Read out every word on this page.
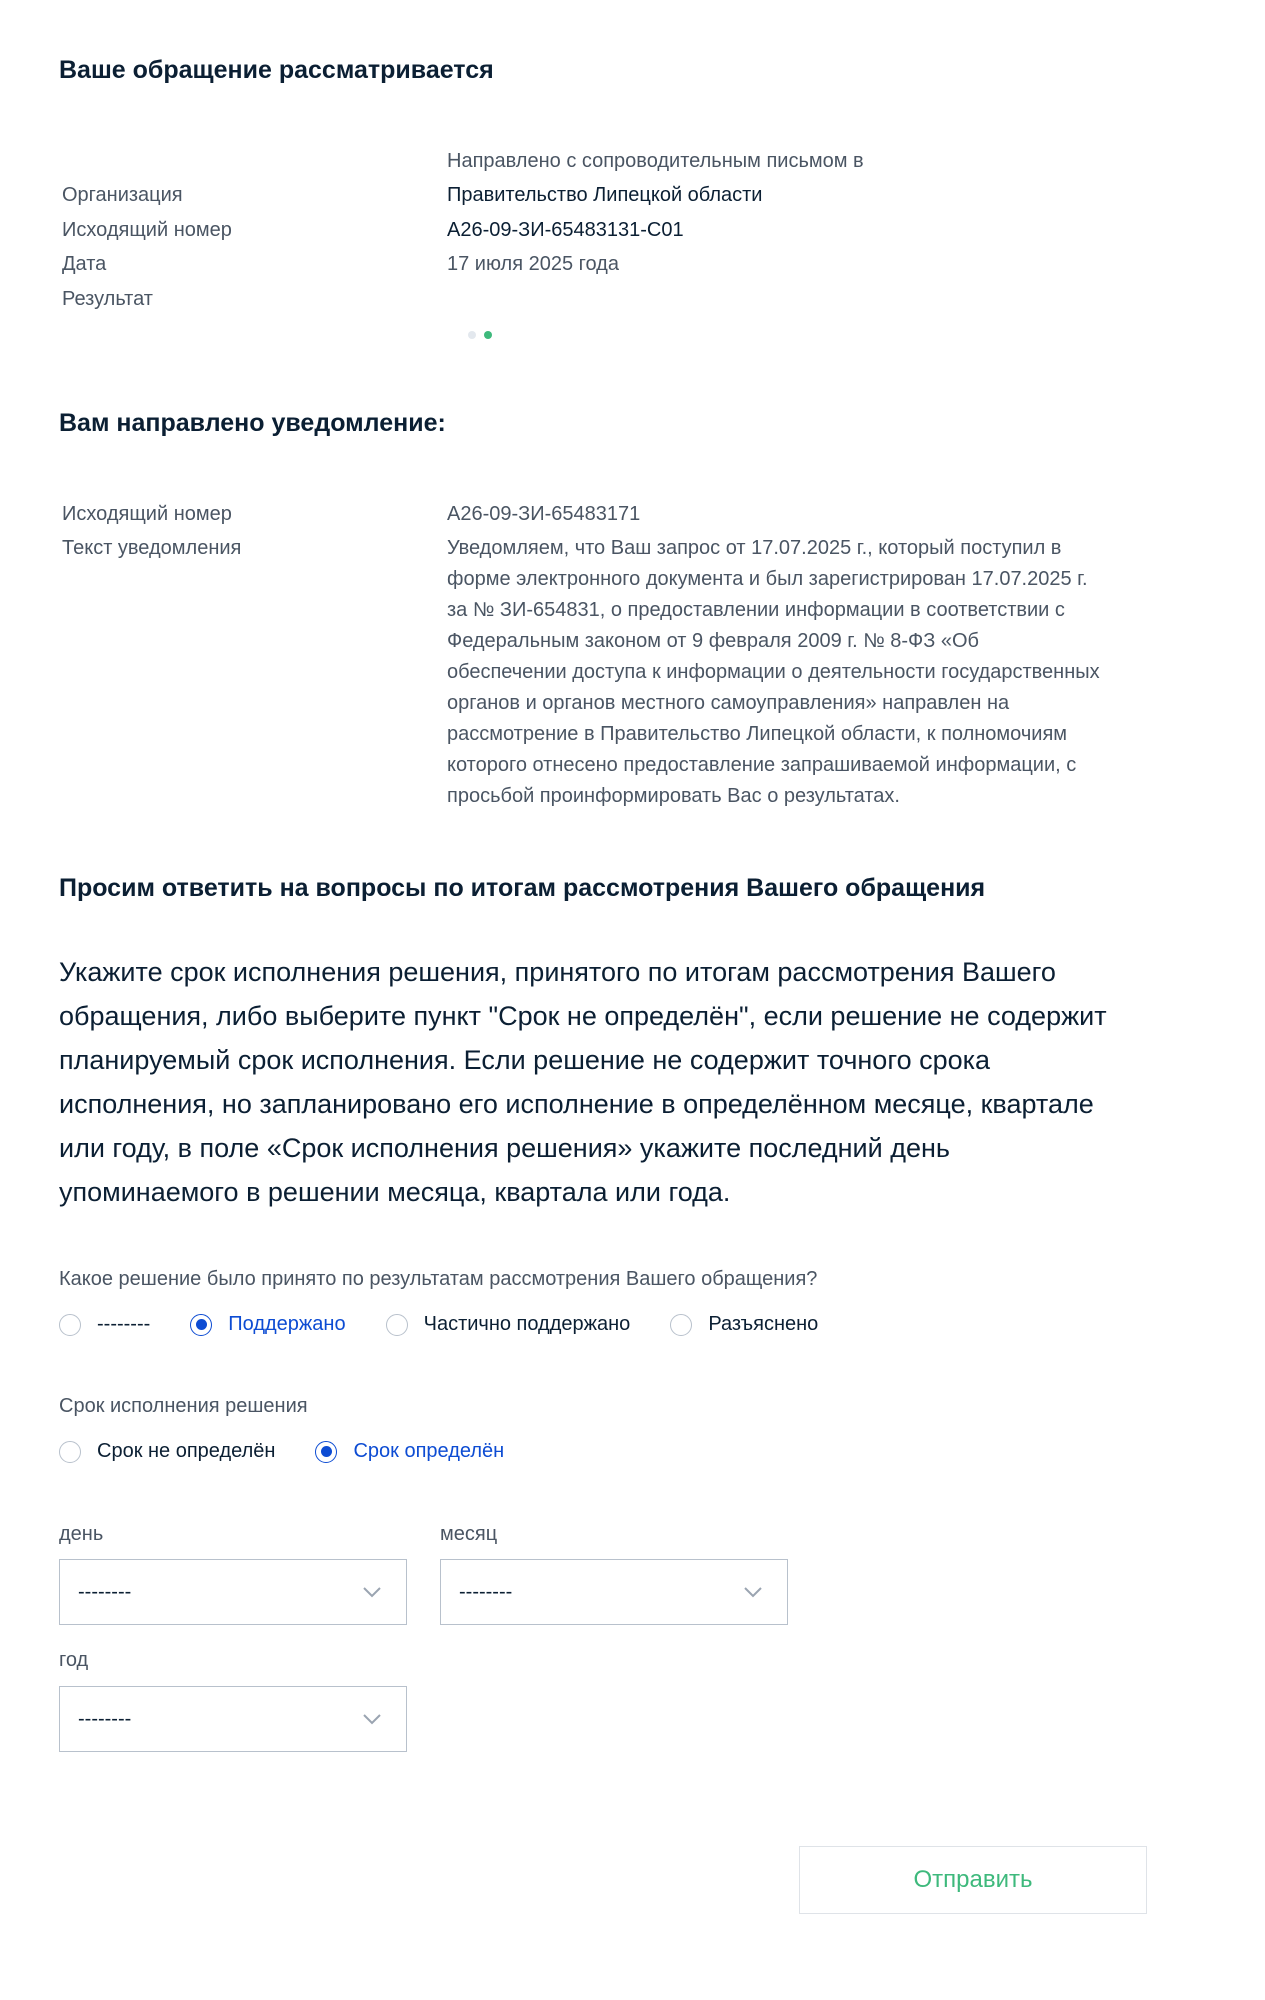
Ваше обращение рассматривается
Направлено с сопроводительным письмом в
Организация	Правительство Липецкой области
Исходящий номер	А26-09-ЗИ-65483131-С01
Дата	17 июля 2025 года
Результат
Вам направлено уведомление:
Исходящий номер	А26-09-ЗИ-65483171
Текст уведомления	Уведомляем, что Ваш запрос от 17.07.2025 г., который поступил в
форме электронного документа и был зарегистрирован 17.07.2025 г.
за № ЗИ-654831, о предоставлении информации в соответствии с
Федеральным законом от 9 февраля 2009 г. № 8-ФЗ «Об
обеспечении доступа к информации о деятельности государственных
органов и органов местного самоуправления» направлен на
рассмотрение в Правительство Липецкой области, к полномочиям
которого отнесено предоставление запрашиваемой информации, с
просьбой проинформировать Вас о результатах.
Просим ответить на вопросы по итогам рассмотрения Вашего обращения
Укажите срок исполнения решения, принятого по итогам рассмотрения Вашего
обращения, либо выберите пункт "Срок не определён", если решение не содержит
планируемый срок исполнения. Если решение не содержит точного срока
исполнения, но запланировано его исполнение в определённом месяце, квартале
или году, в поле «Срок исполнения решения» укажите последний день
упоминаемого в решении месяца, квартала или года.
Какое решение было принято по результатам рассмотрения Вашего обращения?
--------	Поддержано	Частично поддержано	Разъяснено
Срок исполнения решения
Срок не определён	Срок определён
день
--------
месяц
--------
год
--------
Отправить
